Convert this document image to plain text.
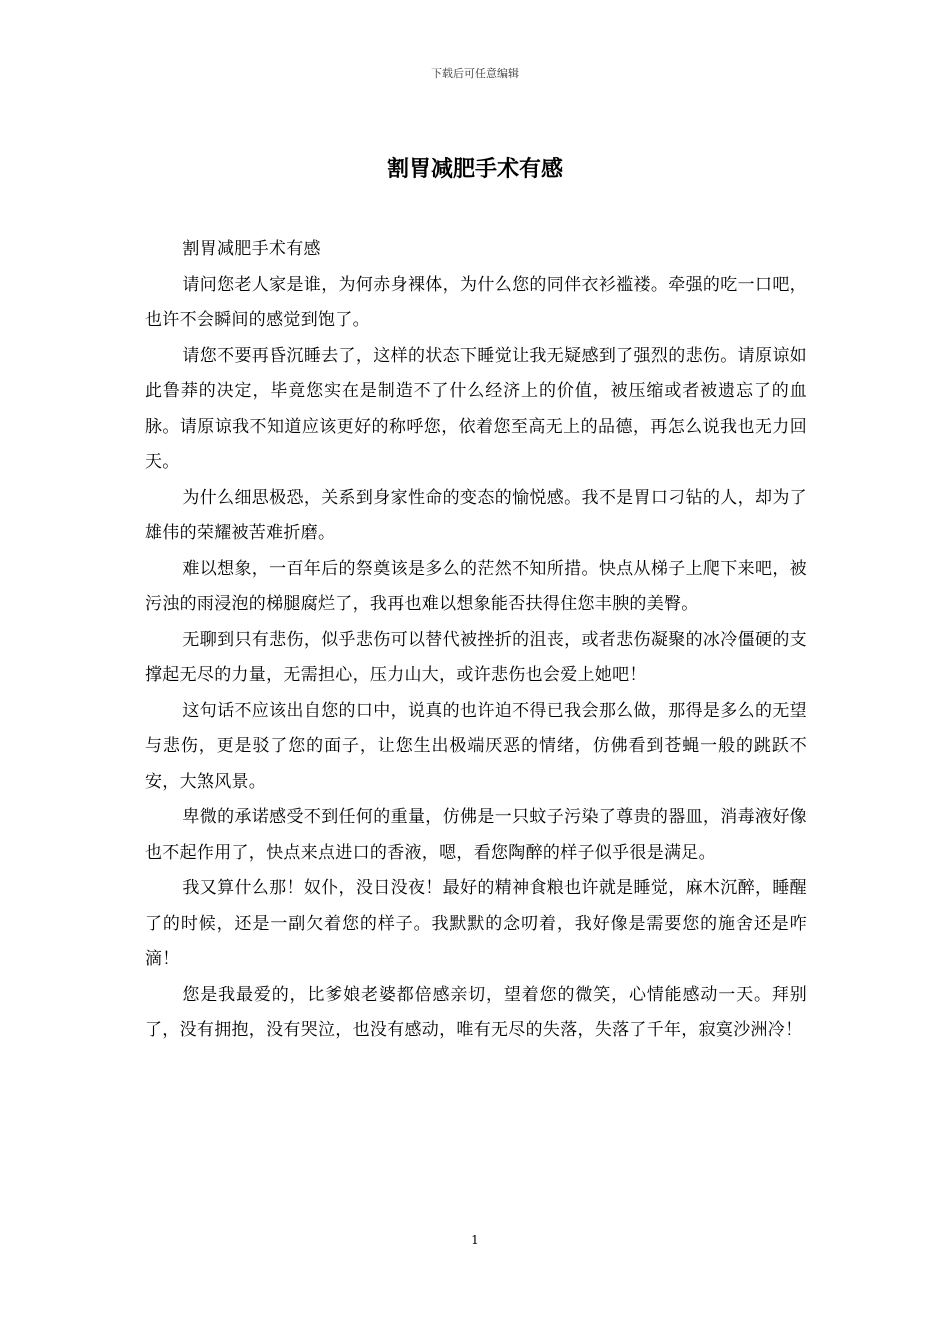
下载后可任意编辑
割胃减肥手术有感

割胃减肥手术有感

请问您老人家是谁，为何赤身裸体，为什么您的同伴衣衫褴褛。牵强的吃一口吧，也许不会瞬间的感觉到饱了。

请您不要再昏沉睡去了，这样的状态下睡觉让我无疑感到了强烈的悲伤。请原谅如此鲁莽的决定，毕竟您实在是制造不了什么经济上的价值，被压缩或者被遗忘了的血脉。请原谅我不知道应该更好的称呼您，依着您至高无上的品德，再怎么说我也无力回天。

为什么细思极恐，关系到身家性命的变态的愉悦感。我不是胃口刁钻的人，却为了雄伟的荣耀被苦难折磨。

难以想象，一百年后的祭奠该是多么的茫然不知所措。快点从梯子上爬下来吧，被污浊的雨浸泡的梯腿腐烂了，我再也难以想象能否扶得住您丰腴的美臀。

无聊到只有悲伤，似乎悲伤可以替代被挫折的沮丧，或者悲伤凝聚的冰冷僵硬的支撑起无尽的力量，无需担心，压力山大，或许悲伤也会爱上她吧！

这句话不应该出自您的口中，说真的也许迫不得已我会那么做，那得是多么的无望与悲伤，更是驳了您的面子，让您生出极端厌恶的情绪，仿佛看到苍蝇一般的跳跃不安，大煞风景。

卑微的承诺感受不到任何的重量，仿佛是一只蚊子污染了尊贵的器皿，消毒液好像也不起作用了，快点来点进口的香液，嗯，看您陶醉的样子似乎很是满足。

我又算什么那！奴仆，没日没夜！最好的精神食粮也许就是睡觉，麻木沉醉，睡醒了的时候，还是一副欠着您的样子。我默默的念叨着，我好像是需要您的施舍还是咋滴！

您是我最爱的，比爹娘老婆都倍感亲切，望着您的微笑，心情能感动一天。拜别了，没有拥抱，没有哭泣，也没有感动，唯有无尽的失落，失落了千年，寂寞沙洲冷！

1
